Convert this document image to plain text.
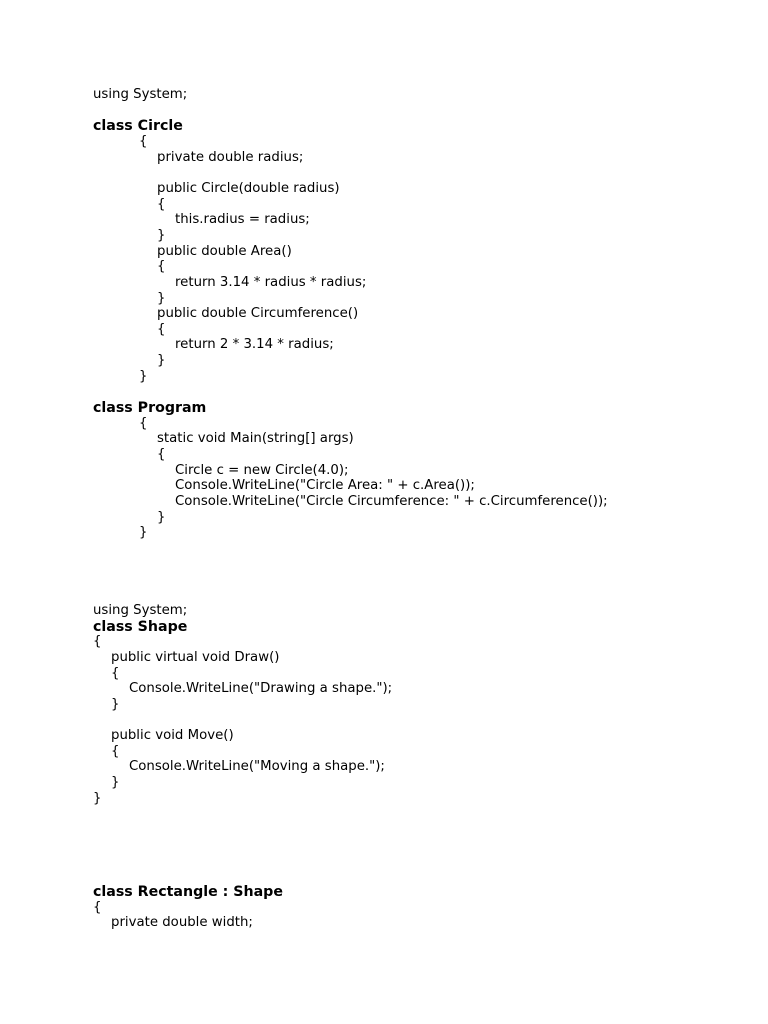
using System;

class Circle

{

private double radius;

public Circle(double radius)

{

this.radius = radius;

}

public double Area()

{

return 3.14 * radius * radius;

}

public double Circumference()

{

return 2 * 3.14 * radius;

}

}

class Program

{

static void Main(string[] args)

{

Circle c = new Circle(4.0);

Console.WriteLine("Circle Area: " + c.Area());

Console.WriteLine("Circle Circumference: " + c.Circumference());

}

}

using System;

class Shape

{

public virtual void Draw()

{

Console.WriteLine("Drawing a shape.");

}

public void Move()

{

Console.WriteLine("Moving a shape.");

}

}

class Rectangle : Shape

{

private double width;
